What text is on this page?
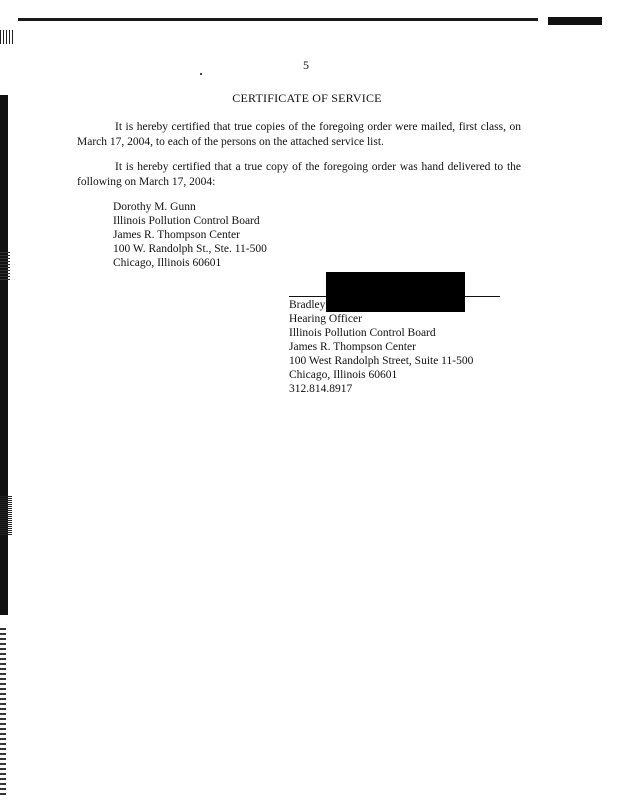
5
CERTIFICATE OF SERVICE

It is hereby certified that true copies of the foregoing order were mailed, first class, on March 17, 2004, to each of the persons on the attached service list.

It is hereby certified that a true copy of the foregoing order was hand delivered to the following on March 17, 2004:

Dorothy M. Gunn
Illinois Pollution Control Board
James R. Thompson Center
100 W. Randolph St., Ste. 11-500
Chicago, Illinois 60601
Bradley
Hearing Officer
Illinois Pollution Control Board
James R. Thompson Center
100 West Randolph Street, Suite 11-500
Chicago, Illinois 60601
312.814.8917
